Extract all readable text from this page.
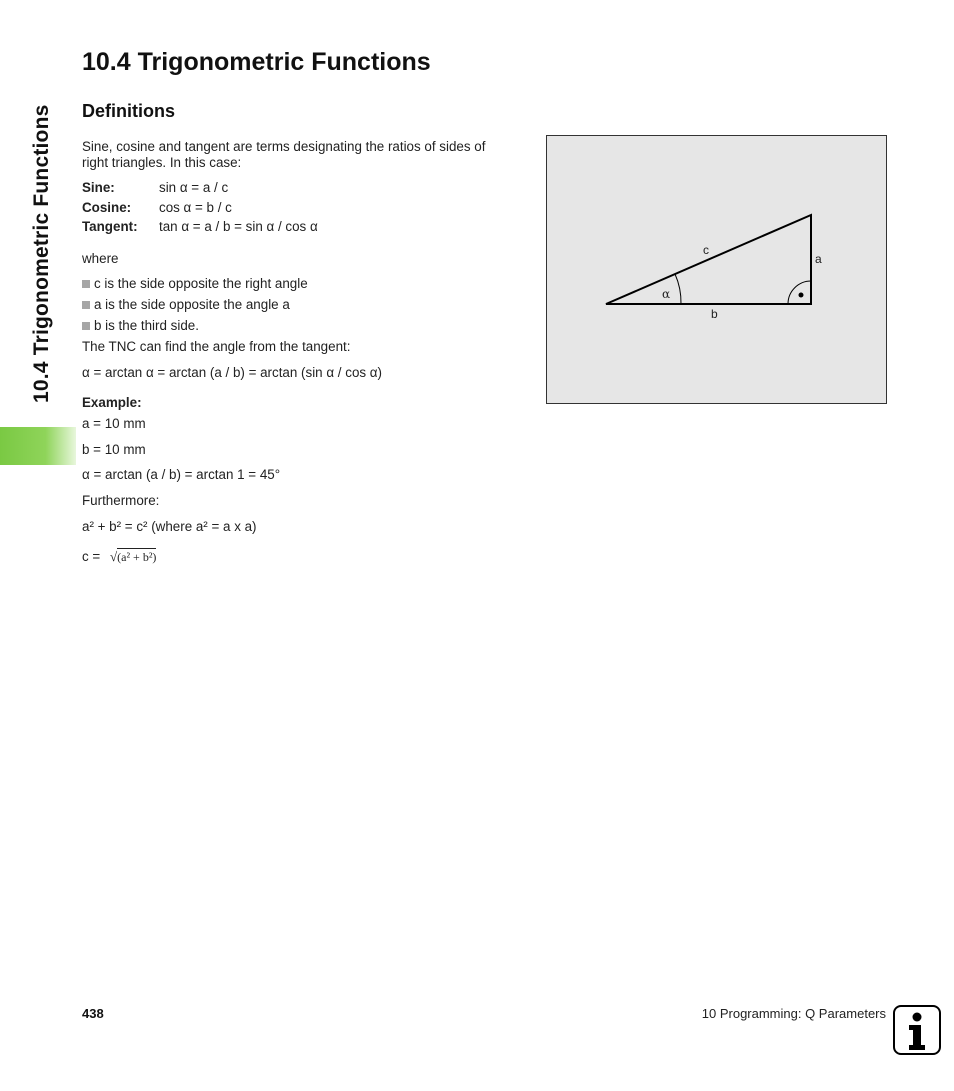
10.4 Trigonometric Functions
10.4 Trigonometric Functions
Definitions
Sine, cosine and tangent are terms designating the ratios of sides of
right triangles. In this case:
Sine:	sin α = a / c
Cosine: cos α = b / c
Tangent: tan α = a / b = sin α / cos α
where
c is the side opposite the right angle
a is the side opposite the angle a
b is the third side.
The TNC can find the angle from the tangent:
α = arctan α = arctan (a / b) = arctan (sin α / cos α)
Example:
a = 10 mm
b = 10 mm
α = arctan (a / b) = arctan 1 = 45°
Furthermore:
a² + b² = c² (where a² = a x a)
c = √(a² + b²)
c
a
b
α
438	10 Programming: Q Parameters
